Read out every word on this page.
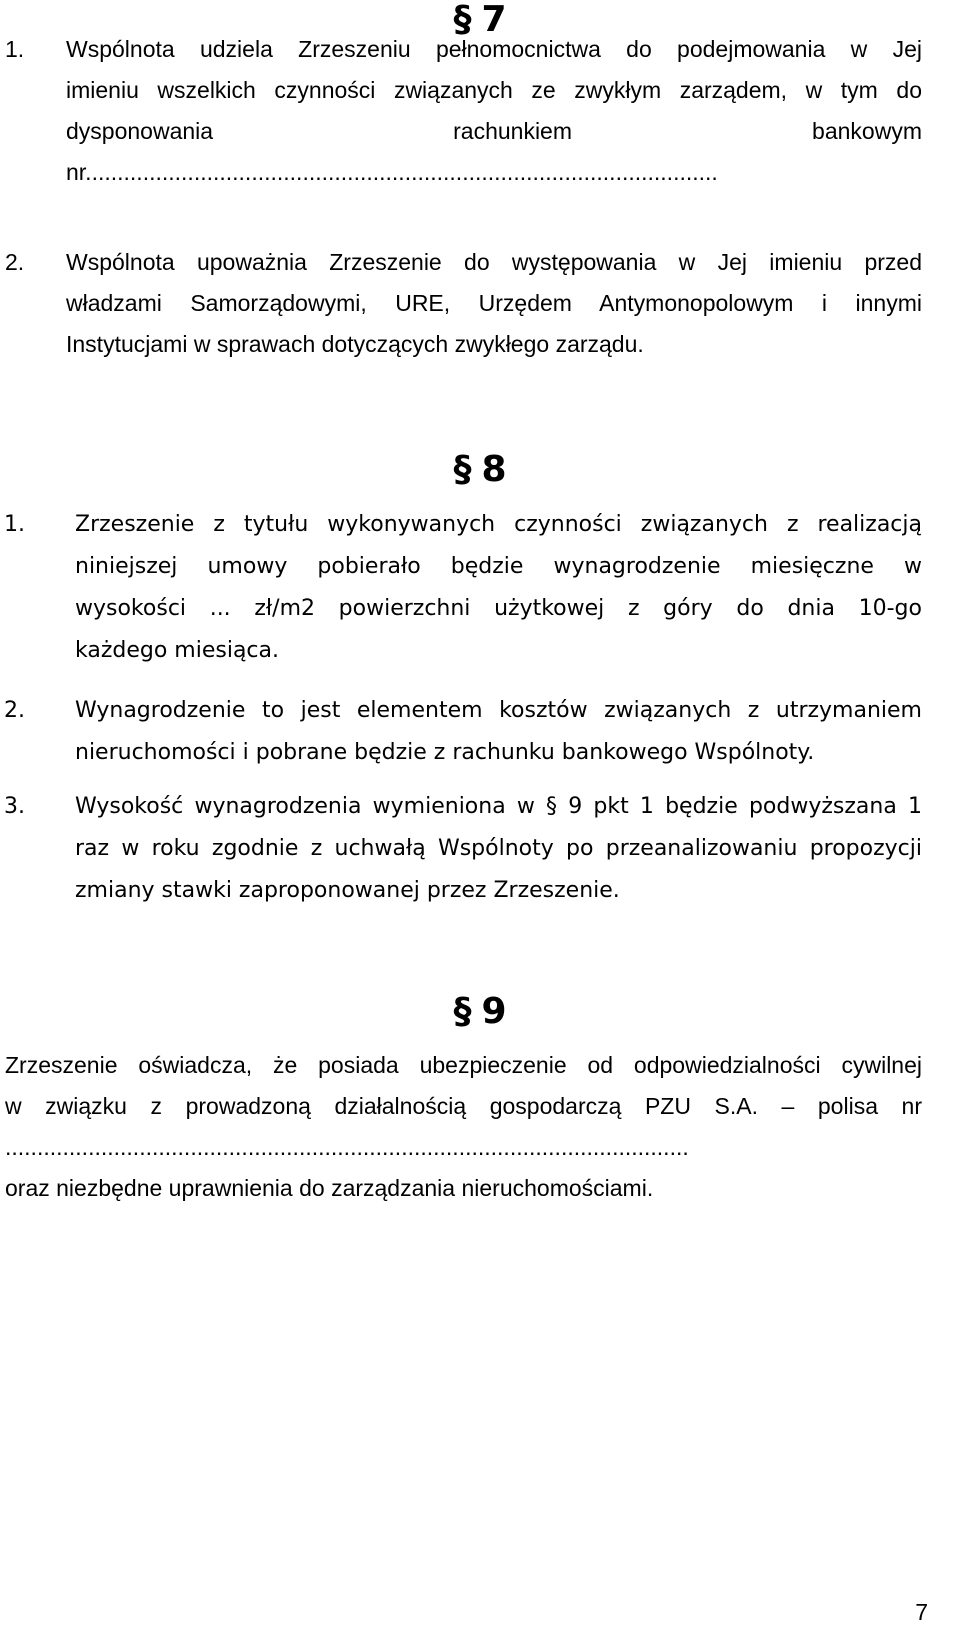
§ 7
1. Wspólnota udziela Zrzeszeniu pełnomocnictwa do podejmowania w Jej
imieniu wszelkich czynności związanych ze zwykłym zarządem, w tym do
dysponowania rachunkiem bankowym
nr...................................................................................................
2. Wspólnota upoważnia Zrzeszenie do występowania w Jej imieniu przed
władzami Samorządowymi, URE, Urzędem Antymonopolowym i innymi
Instytucjami w sprawach dotyczących zwykłego zarządu.
§ 8
1. Zrzeszenie z tytułu wykonywanych czynności związanych z realizacją
niniejszej umowy pobierało będzie wynagrodzenie miesięczne w
wysokości ... zł/m2 powierzchni użytkowej z góry do dnia 10-go
każdego miesiąca.
2. Wynagrodzenie to jest elementem kosztów związanych z utrzymaniem
nieruchomości i pobrane będzie z rachunku bankowego Wspólnoty.
3. Wysokość wynagrodzenia wymieniona w § 9 pkt 1 będzie podwyższana 1
raz w roku zgodnie z uchwałą Wspólnoty po przeanalizowaniu propozycji
zmiany stawki zaproponowanej przez Zrzeszenie.
§ 9
Zrzeszenie oświadcza, że posiada ubezpieczenie od odpowiedzialności cywilnej
w związku z prowadzoną działalnością gospodarczą PZU S.A. – polisa nr
...........................................................................................................
oraz niezbędne uprawnienia do zarządzania nieruchomościami.
7
